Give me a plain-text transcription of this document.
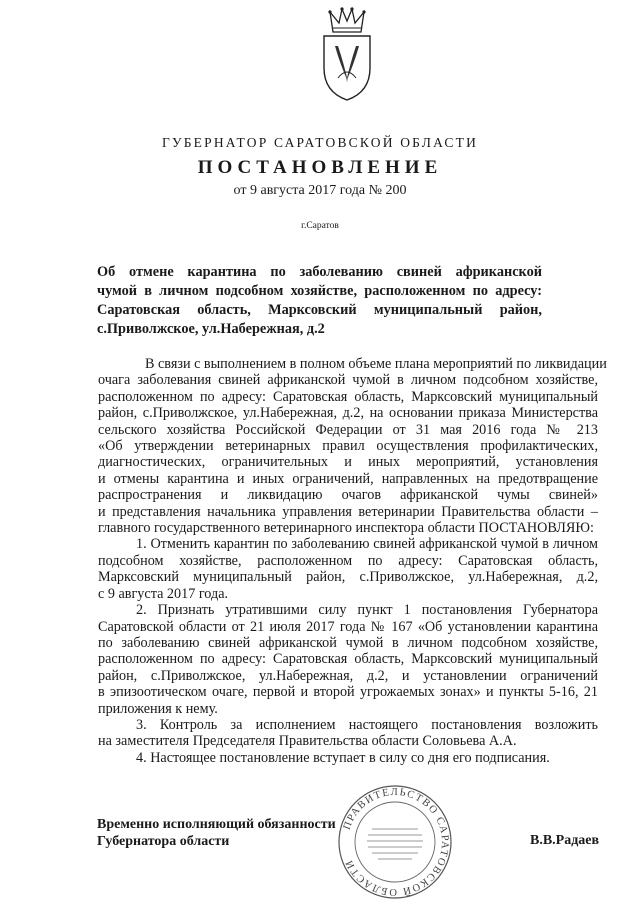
ГУБЕРНАТОР САРАТОВСКОЙ ОБЛАСТИ
ПОСТАНОВЛЕНИЕ
от 9 августа 2017 года № 200
г.Саратов
Об отмене карантина по заболеванию свиней африканской
чумой в личном подсобном хозяйстве, расположенном по адресу:
Саратовская область, Марксовский муниципальный район,
с.Приволжское, ул.Набережная, д.2
В связи с выполнением в полном объеме плана мероприятий по ликвидации
очага заболевания свиней африканской чумой в личном подсобном хозяйстве,
расположенном по адресу: Саратовская область, Марксовский муниципальный
район, с.Приволжское, ул.Набережная, д.2, на основании приказа Министерства
сельского хозяйства Российской Федерации от 31 мая 2016 года № 213
«Об утверждении ветеринарных правил осуществления профилактических,
диагностических, ограничительных и иных мероприятий, установления
и отмены карантина и иных ограничений, направленных на предотвращение
распространения и ликвидацию очагов африканской чумы свиней»
и представления начальника управления ветеринарии Правительства области –
главного государственного ветеринарного инспектора области ПОСТАНОВЛЯЮ:
1. Отменить карантин по заболеванию свиней африканской чумой в личном
подсобном хозяйстве, расположенном по адресу: Саратовская область,
Марксовский муниципальный район, с.Приволжское, ул.Набережная, д.2,
с 9 августа 2017 года.
2. Признать утратившими силу пункт 1 постановления Губернатора
Саратовской области от 21 июля 2017 года № 167 «Об установлении карантина
по заболеванию свиней африканской чумой в личном подсобном хозяйстве,
расположенном по адресу: Саратовская область, Марксовский муниципальный
район, с.Приволжское, ул.Набережная, д.2, и установлении ограничений
в эпизоотическом очаге, первой и второй угрожаемых зонах» и пункты 5-16, 21
приложения к нему.
3. Контроль за исполнением настоящего постановления возложить
на заместителя Председателя Правительства области Соловьева А.А.
4. Настоящее постановление вступает в силу со дня его подписания.
Временно исполняющий обязанности
Губернатора области	В.В.Радаев
ПРАВИТЕЛЬСТВО САРАТОВСКОЙ ОБЛАСТИ
